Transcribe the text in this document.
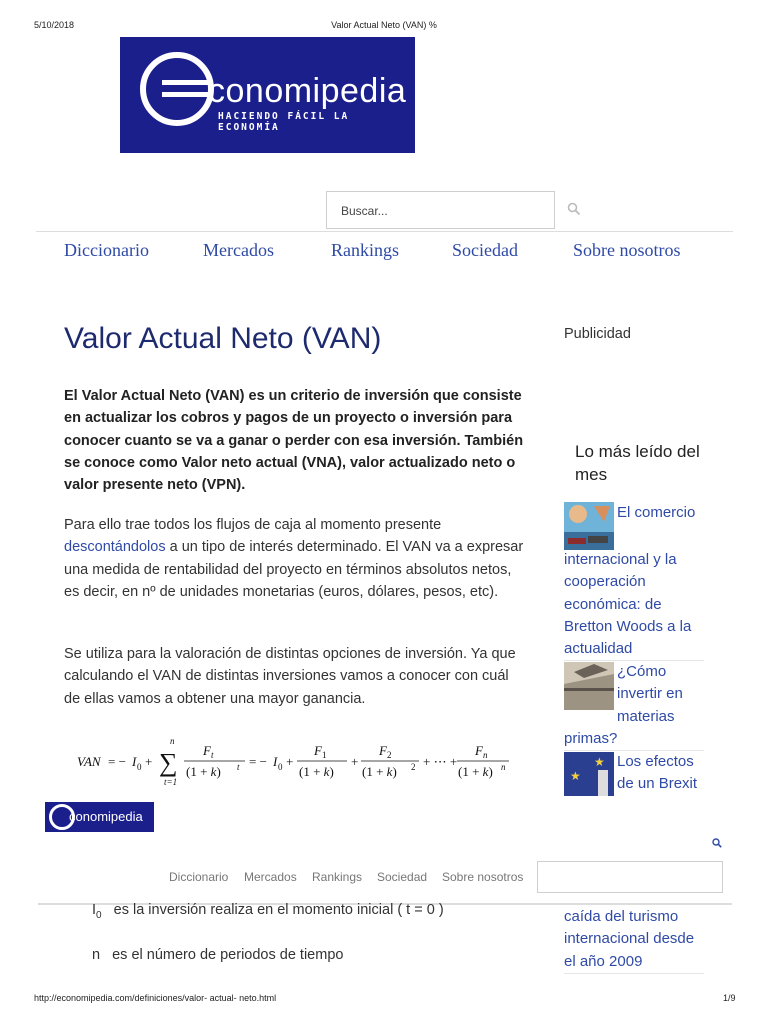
5/10/2018	Valor Actual Neto (VAN) %
conomipedia
HACIENDO FÁCIL LA ECONOMÍA
Buscar...
Diccionario	Mercados	Rankings	Sociedad	Sobre nosotros
Valor Actual Neto (VAN)
El Valor Actual Neto (VAN) es un criterio de inversión que consiste en actualizar los cobros y pagos de un proyecto o inversión para conocer cuanto se va a ganar o perder con esa inversión. También se conoce como Valor neto actual (VNA), valor actualizado neto o valor presente neto (VPN).
Para ello trae todos los flujos de caja al momento presente descontándolos a un tipo de interés determinado. El VAN va a expresar una medida de rentabilidad del proyecto en términos absolutos netos, es decir, en nº de unidades monetarias (euros, dólares, pesos, etc).
Se utiliza para la valoración de distintas opciones de inversión. Ya que calculando el VAN de distintas inversiones vamos a conocer con cuál de ellas vamos a obtener una mayor ganancia.
VAN = − I 0 + ∑
n
t=1
F t
(1 + k) t = − I 0 +
F 1
(1 + k)
+
F 2
(1 + k) 2 + ⋯ +
F n
(1 + k) n
Publicidad
Lo más leído del mes
El comercio
internacional y la cooperación económica: de Bretton Woods a la actualidad
¿Cómo invertir en materias
primas?
★
★ Los efectos de un Brexit
conomipedia
Diccionario Mercados Rankings Sociedad Sobre nosotros
$I_0$ es la inversión realiza en el momento inicial ( t = 0 )
n es el número de periodos de tiempo
caída del turismo internacional desde el año 2009
http://economipedia.com/definiciones/valor- actual- neto.html	1/9
